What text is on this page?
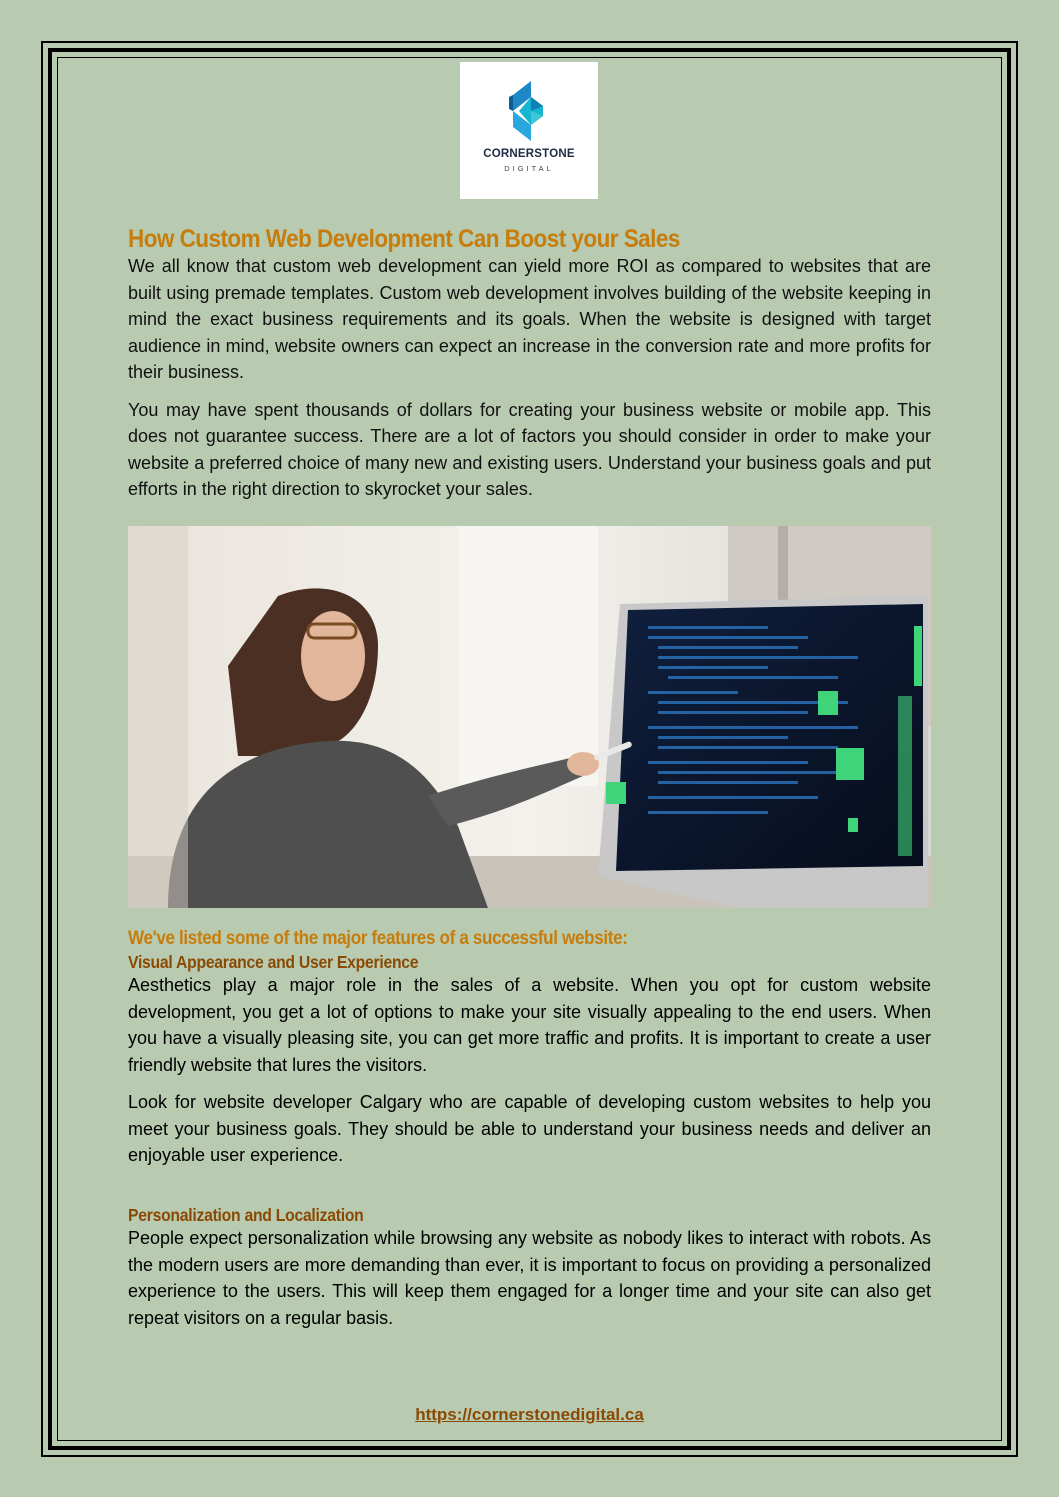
CORNERSTONE
DIGITAL
How Custom Web Development Can Boost your Sales

We all know that custom web development can yield more ROI as compared to websites that are built using premade templates. Custom web development involves building of the website keeping in mind the exact business requirements and its goals. When the website is designed with target audience in mind, website owners can expect an increase in the conversion rate and more profits for their business.

You may have spent thousands of dollars for creating your business website or mobile app. This does not guarantee success. There are a lot of factors you should consider in order to make your website a preferred choice of many new and existing users. Understand your business goals and put efforts in the right direction to skyrocket your sales.

We've listed some of the major features of a successful website:
Visual Appearance and User Experience

Aesthetics play a major role in the sales of a website. When you opt for custom website development, you get a lot of options to make your site visually appealing to the end users. When you have a visually pleasing site, you can get more traffic and profits. It is important to create a user friendly website that lures the visitors.

Look for website developer Calgary who are capable of developing custom websites to help you meet your business goals. They should be able to understand your business needs and deliver an enjoyable user experience.

Personalization and Localization

People expect personalization while browsing any website as nobody likes to interact with robots. As the modern users are more demanding than ever, it is important to focus on providing a personalized experience to the users. This will keep them engaged for a longer time and your site can also get repeat visitors on a regular basis.

https://cornerstonedigital.ca
